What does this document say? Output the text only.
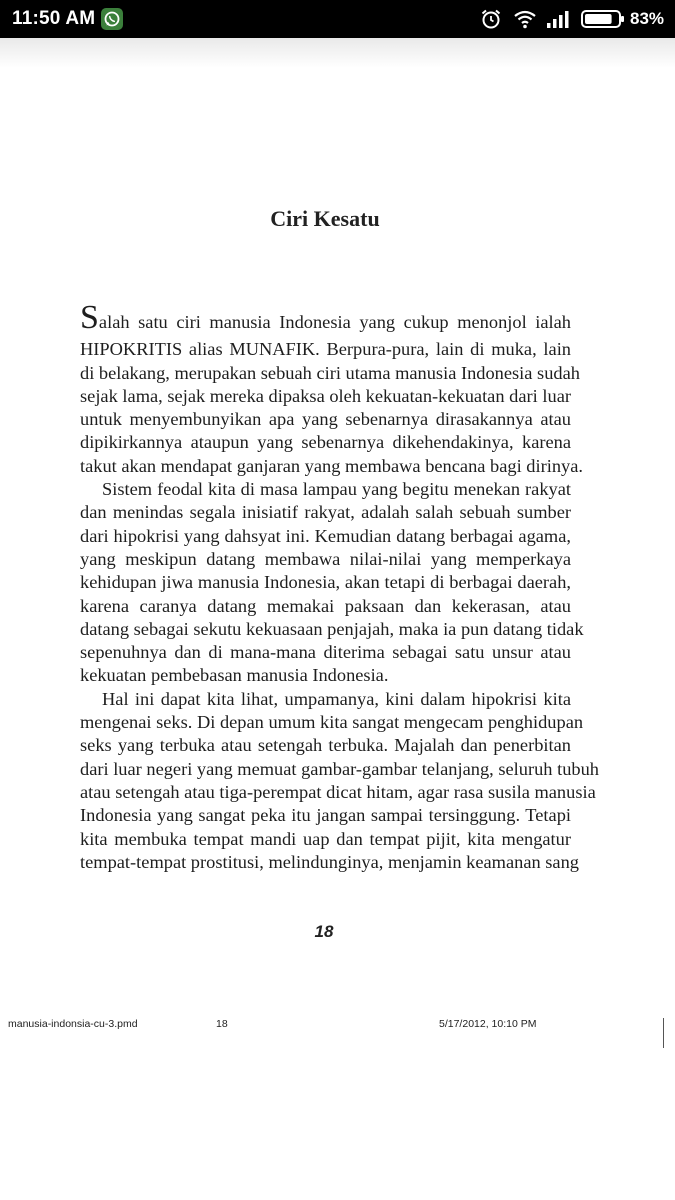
11:50 AM	83%
Ciri Kesatu
Salah satu ciri manusia Indonesia yang cukup menonjol ialah
HIPOKRITIS alias MUNAFIK. Berpura-pura, lain di muka, lain
di belakang, merupakan sebuah ciri utama manusia Indonesia sudah
sejak lama, sejak mereka dipaksa oleh kekuatan-kekuatan dari luar
untuk menyembunyikan apa yang sebenarnya dirasakannya atau
dipikirkannya ataupun yang sebenarnya dikehendakinya, karena
takut akan mendapat ganjaran yang membawa bencana bagi dirinya.
Sistem feodal kita di masa lampau yang begitu menekan rakyat
dan menindas segala inisiatif rakyat, adalah salah sebuah sumber
dari hipokrisi yang dahsyat ini. Kemudian datang berbagai agama,
yang meskipun datang membawa nilai-nilai yang memperkaya
kehidupan jiwa manusia Indonesia, akan tetapi di berbagai daerah,
karena caranya datang memakai paksaan dan kekerasan, atau
datang sebagai sekutu kekuasaan penjajah, maka ia pun datang tidak
sepenuhnya dan di mana-mana diterima sebagai satu unsur atau
kekuatan pembebasan manusia Indonesia.
Hal ini dapat kita lihat, umpamanya, kini dalam hipokrisi kita
mengenai seks. Di depan umum kita sangat mengecam penghidupan
seks yang terbuka atau setengah terbuka. Majalah dan penerbitan
dari luar negeri yang memuat gambar-gambar telanjang, seluruh tubuh
atau setengah atau tiga-perempat dicat hitam, agar rasa susila manusia
Indonesia yang sangat peka itu jangan sampai tersinggung. Tetapi
kita membuka tempat mandi uap dan tempat pijit, kita mengatur
tempat-tempat prostitusi, melindunginya, menjamin keamanan sang
18
manusia-indonsia-cu-3.pmd	18	5/17/2012, 10:10 PM
